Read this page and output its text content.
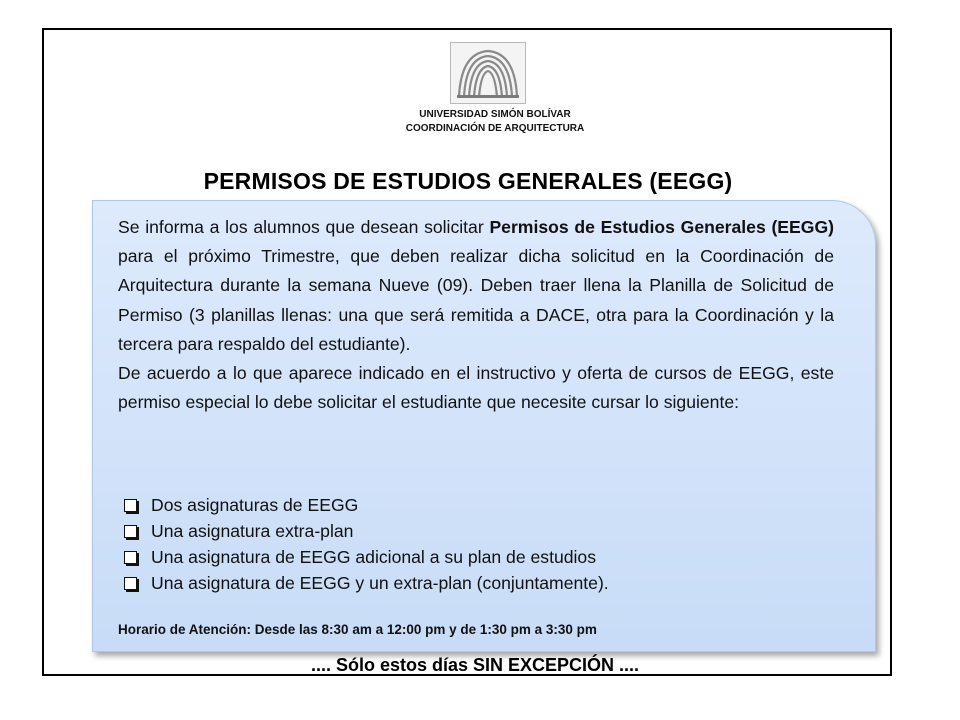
UNIVERSIDAD SIMÓN BOLÍVAR
COORDINACIÓN DE ARQUITECTURA
PERMISOS DE ESTUDIOS GENERALES (EEGG)

Se informa a los alumnos que desean solicitar Permisos de Estudios Generales (EEGG) para el próximo Trimestre, que deben realizar dicha solicitud en la Coordinación de Arquitectura durante la semana Nueve (09). Deben traer llena la Planilla de Solicitud de Permiso (3 planillas llenas: una que será remitida a DACE, otra para la Coordinación y la tercera para respaldo del estudiante).

De acuerdo a lo que aparece indicado en el instructivo y oferta de cursos de EEGG, este permiso especial lo debe solicitar el estudiante que necesite cursar lo siguiente:

Dos asignaturas de EEGG
Una asignatura extra-plan
Una asignatura de EEGG adicional a su plan de estudios
Una asignatura de EEGG y un extra-plan (conjuntamente).
Horario de Atención: Desde las 8:30 am a 12:00 pm y de 1:30 pm a 3:30 pm
.... Sólo estos días SIN EXCEPCIÓN ....
